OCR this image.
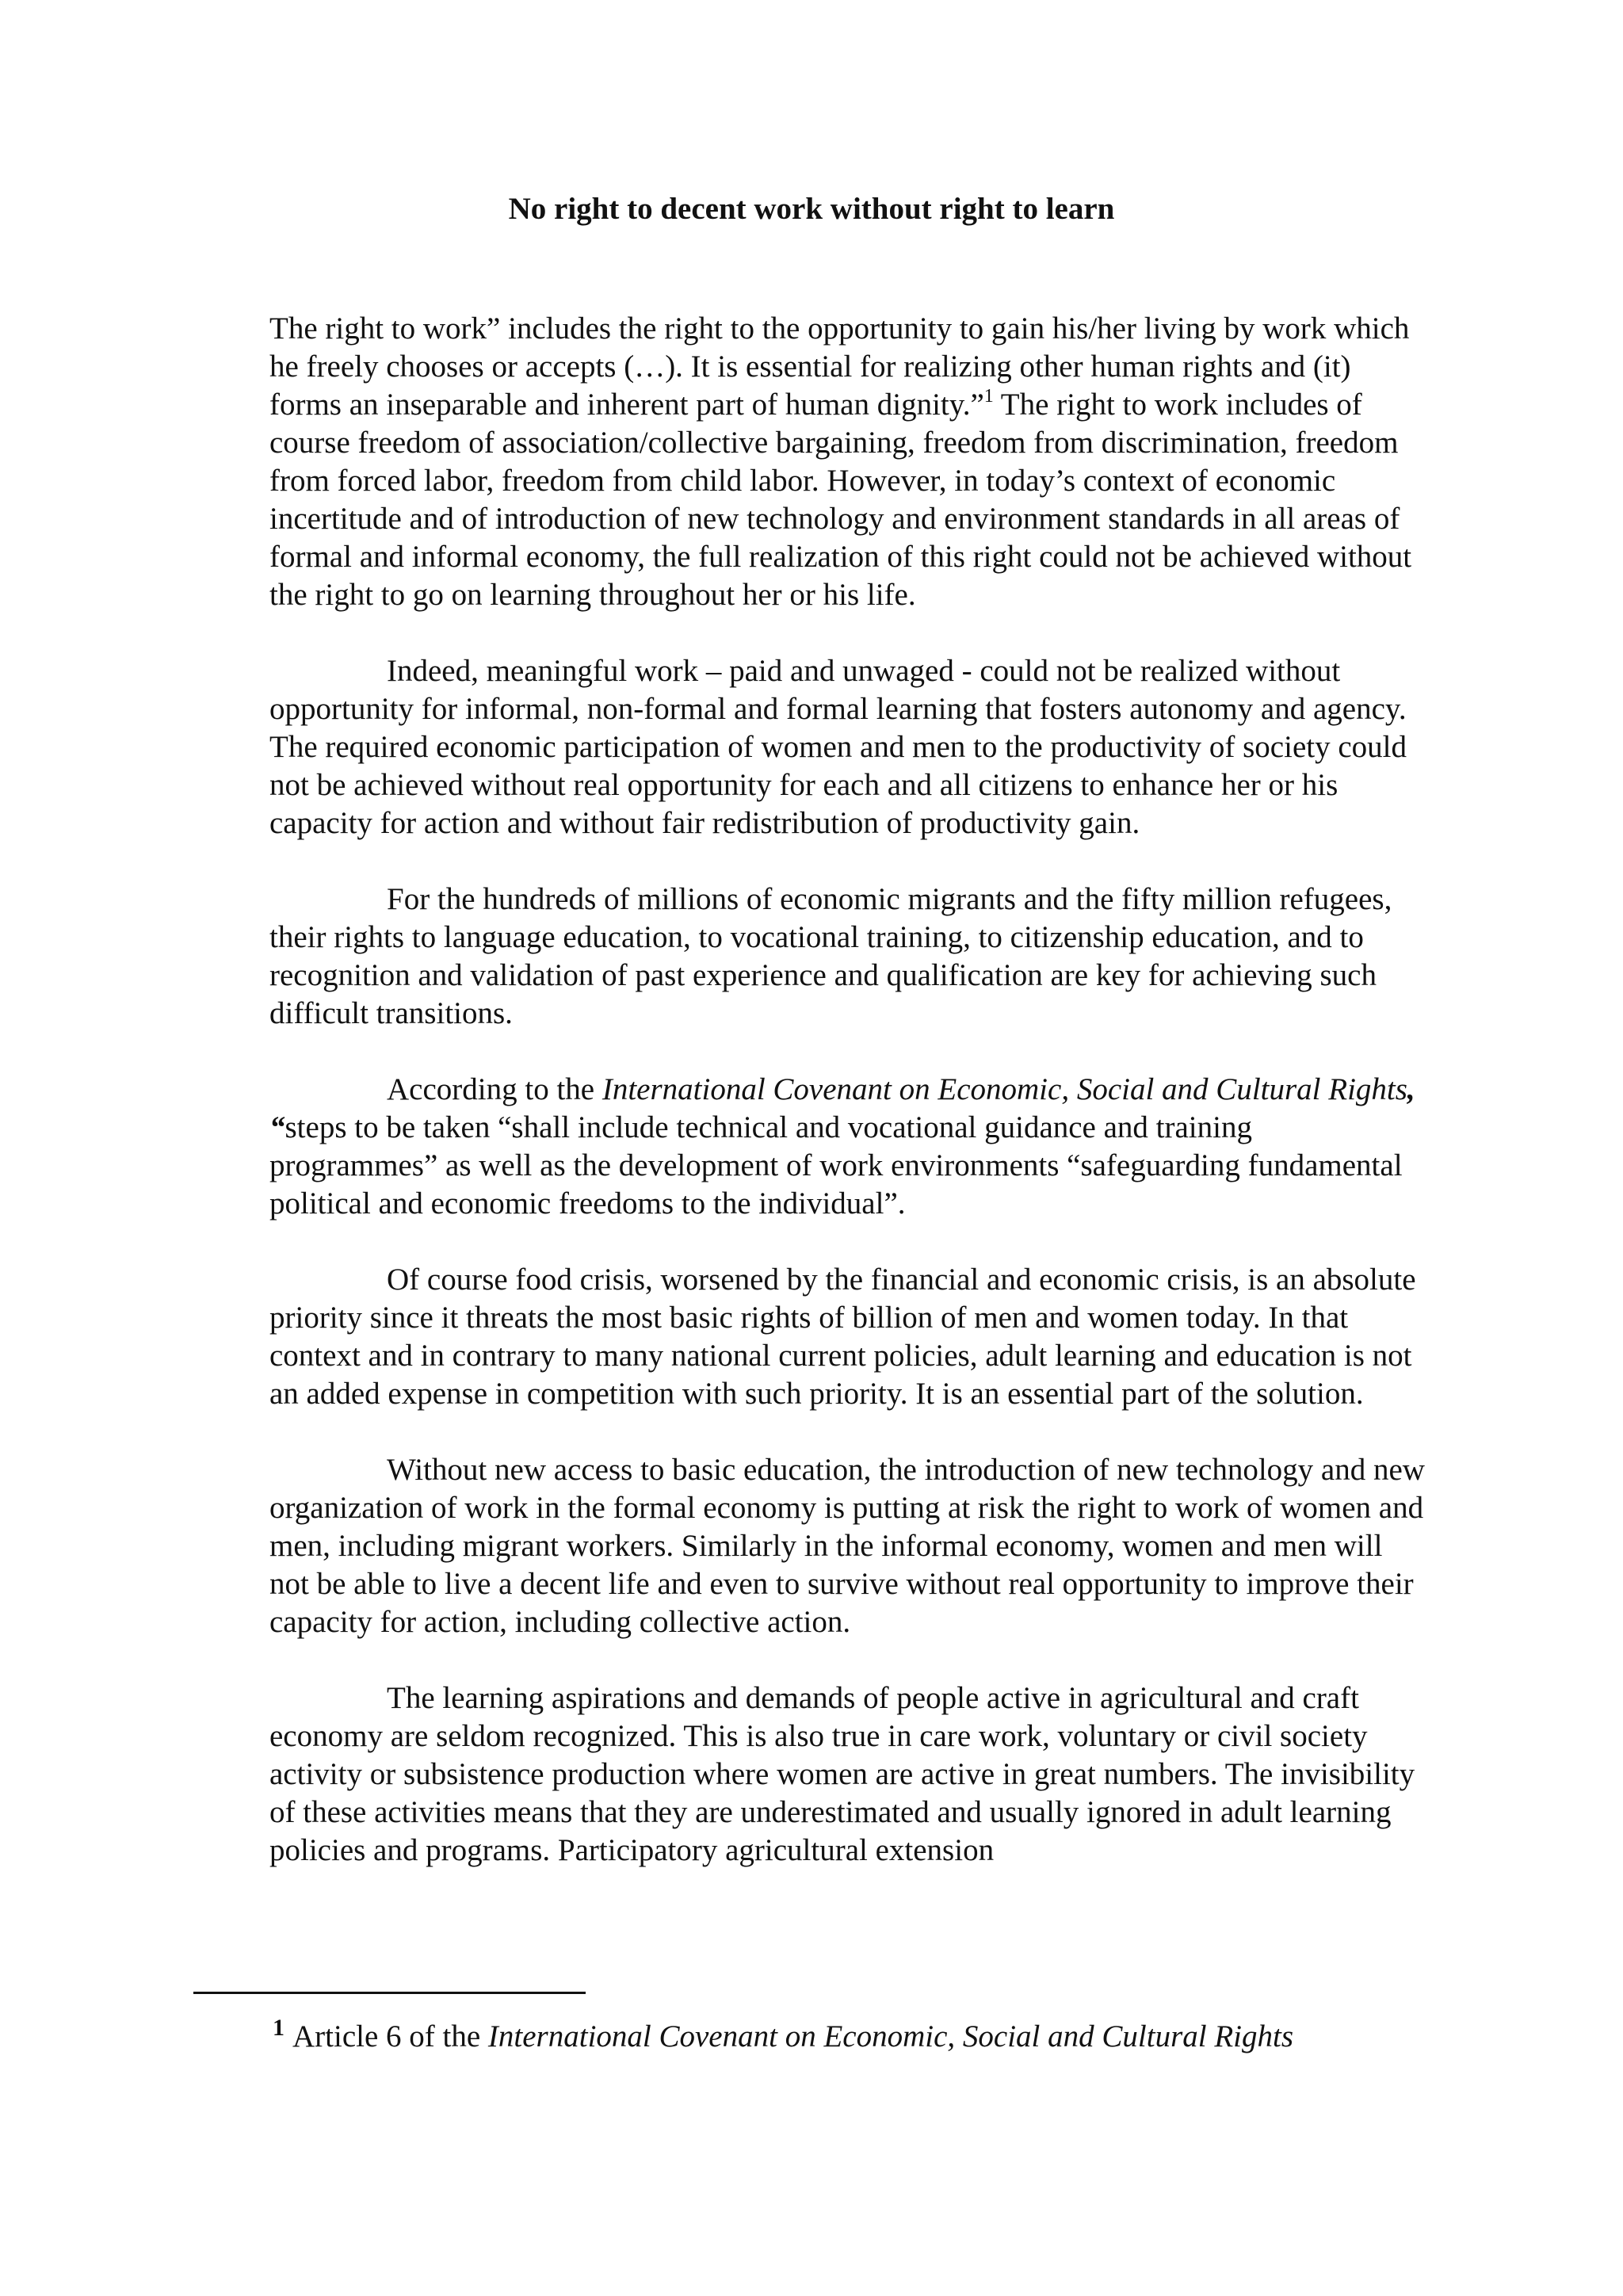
No right to decent work without right to learn

The right to work” includes the right to the opportunity to gain his/her living by work which he freely chooses or accepts (…). It is essential for realizing other human rights and (it) forms an inseparable and inherent part of human dignity.”$^1$ The right to work includes of course freedom of association/collective bargaining, freedom from discrimination, freedom from forced labor, freedom from child labor. However, in today’s context of economic incertitude and of introduction of new technology and environment standards in all areas of formal and informal economy, the full realization of this right could not be achieved without the right to go on learning throughout her or his life.

Indeed, meaningful work – paid and unwaged - could not be realized without opportunity for informal, non-formal and formal learning that fosters autonomy and agency. The required economic participation of women and men to the productivity of society could not be achieved without real opportunity for each and all citizens to enhance her or his capacity for action and without fair redistribution of productivity gain.

For the hundreds of millions of economic migrants and the fifty million refugees, their rights to language education, to vocational training, to citizenship education, and to recognition and validation of past experience and qualification are key for achieving such difficult transitions.

According to the International Covenant on Economic, Social and Cultural Rights, “steps to be taken “shall include technical and vocational guidance and training programmes” as well as the development of work environments “safeguarding fundamental political and economic freedoms to the individual”.

Of course food crisis, worsened by the financial and economic crisis, is an absolute priority since it threats the most basic rights of billion of men and women today. In that context and in contrary to many national current policies, adult learning and education is not an added expense in competition with such priority. It is an essential part of the solution.

Without new access to basic education, the introduction of new technology and new organization of work in the formal economy is putting at risk the right to work of women and men, including migrant workers. Similarly in the informal economy, women and men will not be able to live a decent life and even to survive without real opportunity to improve their capacity for action, including collective action.

The learning aspirations and demands of people active in agricultural and craft economy are seldom recognized. This is also true in care work, voluntary or civil society activity or subsistence production where women are active in great numbers. The invisibility of these activities means that they are underestimated and usually ignored in adult learning policies and programs. Participatory agricultural extension

$^1$ Article 6 of the International Covenant on Economic, Social and Cultural Rights
